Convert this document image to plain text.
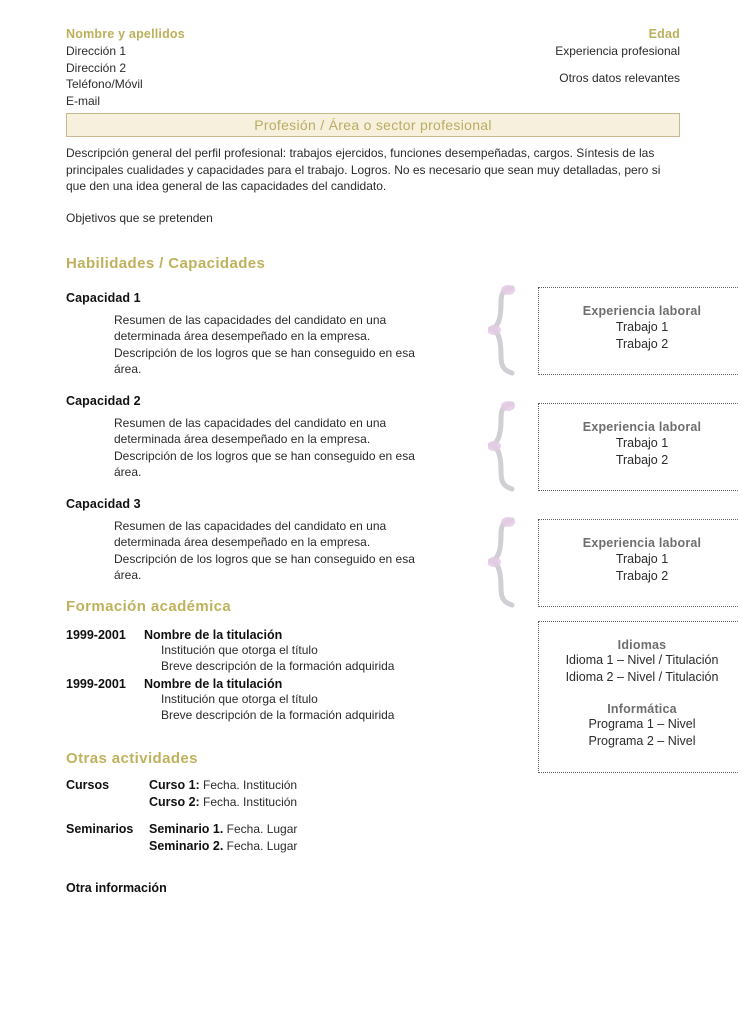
Nombre y apellidos
Dirección 1
Dirección 2
Teléfono/Móvil
E-mail
Edad
Experiencia profesional
Otros datos relevantes
Profesión / Área o sector profesional
Descripción general del perfil profesional: trabajos ejercidos, funciones desempeñadas, cargos. Síntesis de las principales cualidades y capacidades para el trabajo. Logros. No es necesario que sean muy detalladas, pero si que den una idea general de las capacidades del candidato.
Objetivos que se pretenden
Habilidades / Capacidades
Capacidad 1
Resumen de las capacidades del candidato en una determinada área desempeñado en la empresa. Descripción de los logros que se han conseguido en esa área.
Capacidad 2
Resumen de las capacidades del candidato en una determinada área desempeñado en la empresa. Descripción de los logros que se han conseguido en esa área.
Capacidad 3
Resumen de las capacidades del candidato en una determinada área desempeñado en la empresa. Descripción de los logros que se han conseguido en esa área.
Experiencia laboral
Trabajo 1
Trabajo 2
Experiencia laboral
Trabajo 1
Trabajo 2
Experiencia laboral
Trabajo 1
Trabajo 2
Idiomas
Idioma 1 – Nivel / Titulación
Idioma 2 – Nivel / Titulación
Informática
Programa 1 – Nivel
Programa 2 – Nivel
Formación académica
1999-2001 Nombre de la titulación
Institución que otorga el título
Breve descripción de la formación adquirida
1999-2001 Nombre de la titulación
Institución que otorga el título
Breve descripción de la formación adquirida
Otras actividades
Cursos	Curso 1: Fecha. Institución
Curso 2: Fecha. Institución
Seminarios	Seminario 1. Fecha. Lugar
Seminario 2. Fecha. Lugar
Otra información
